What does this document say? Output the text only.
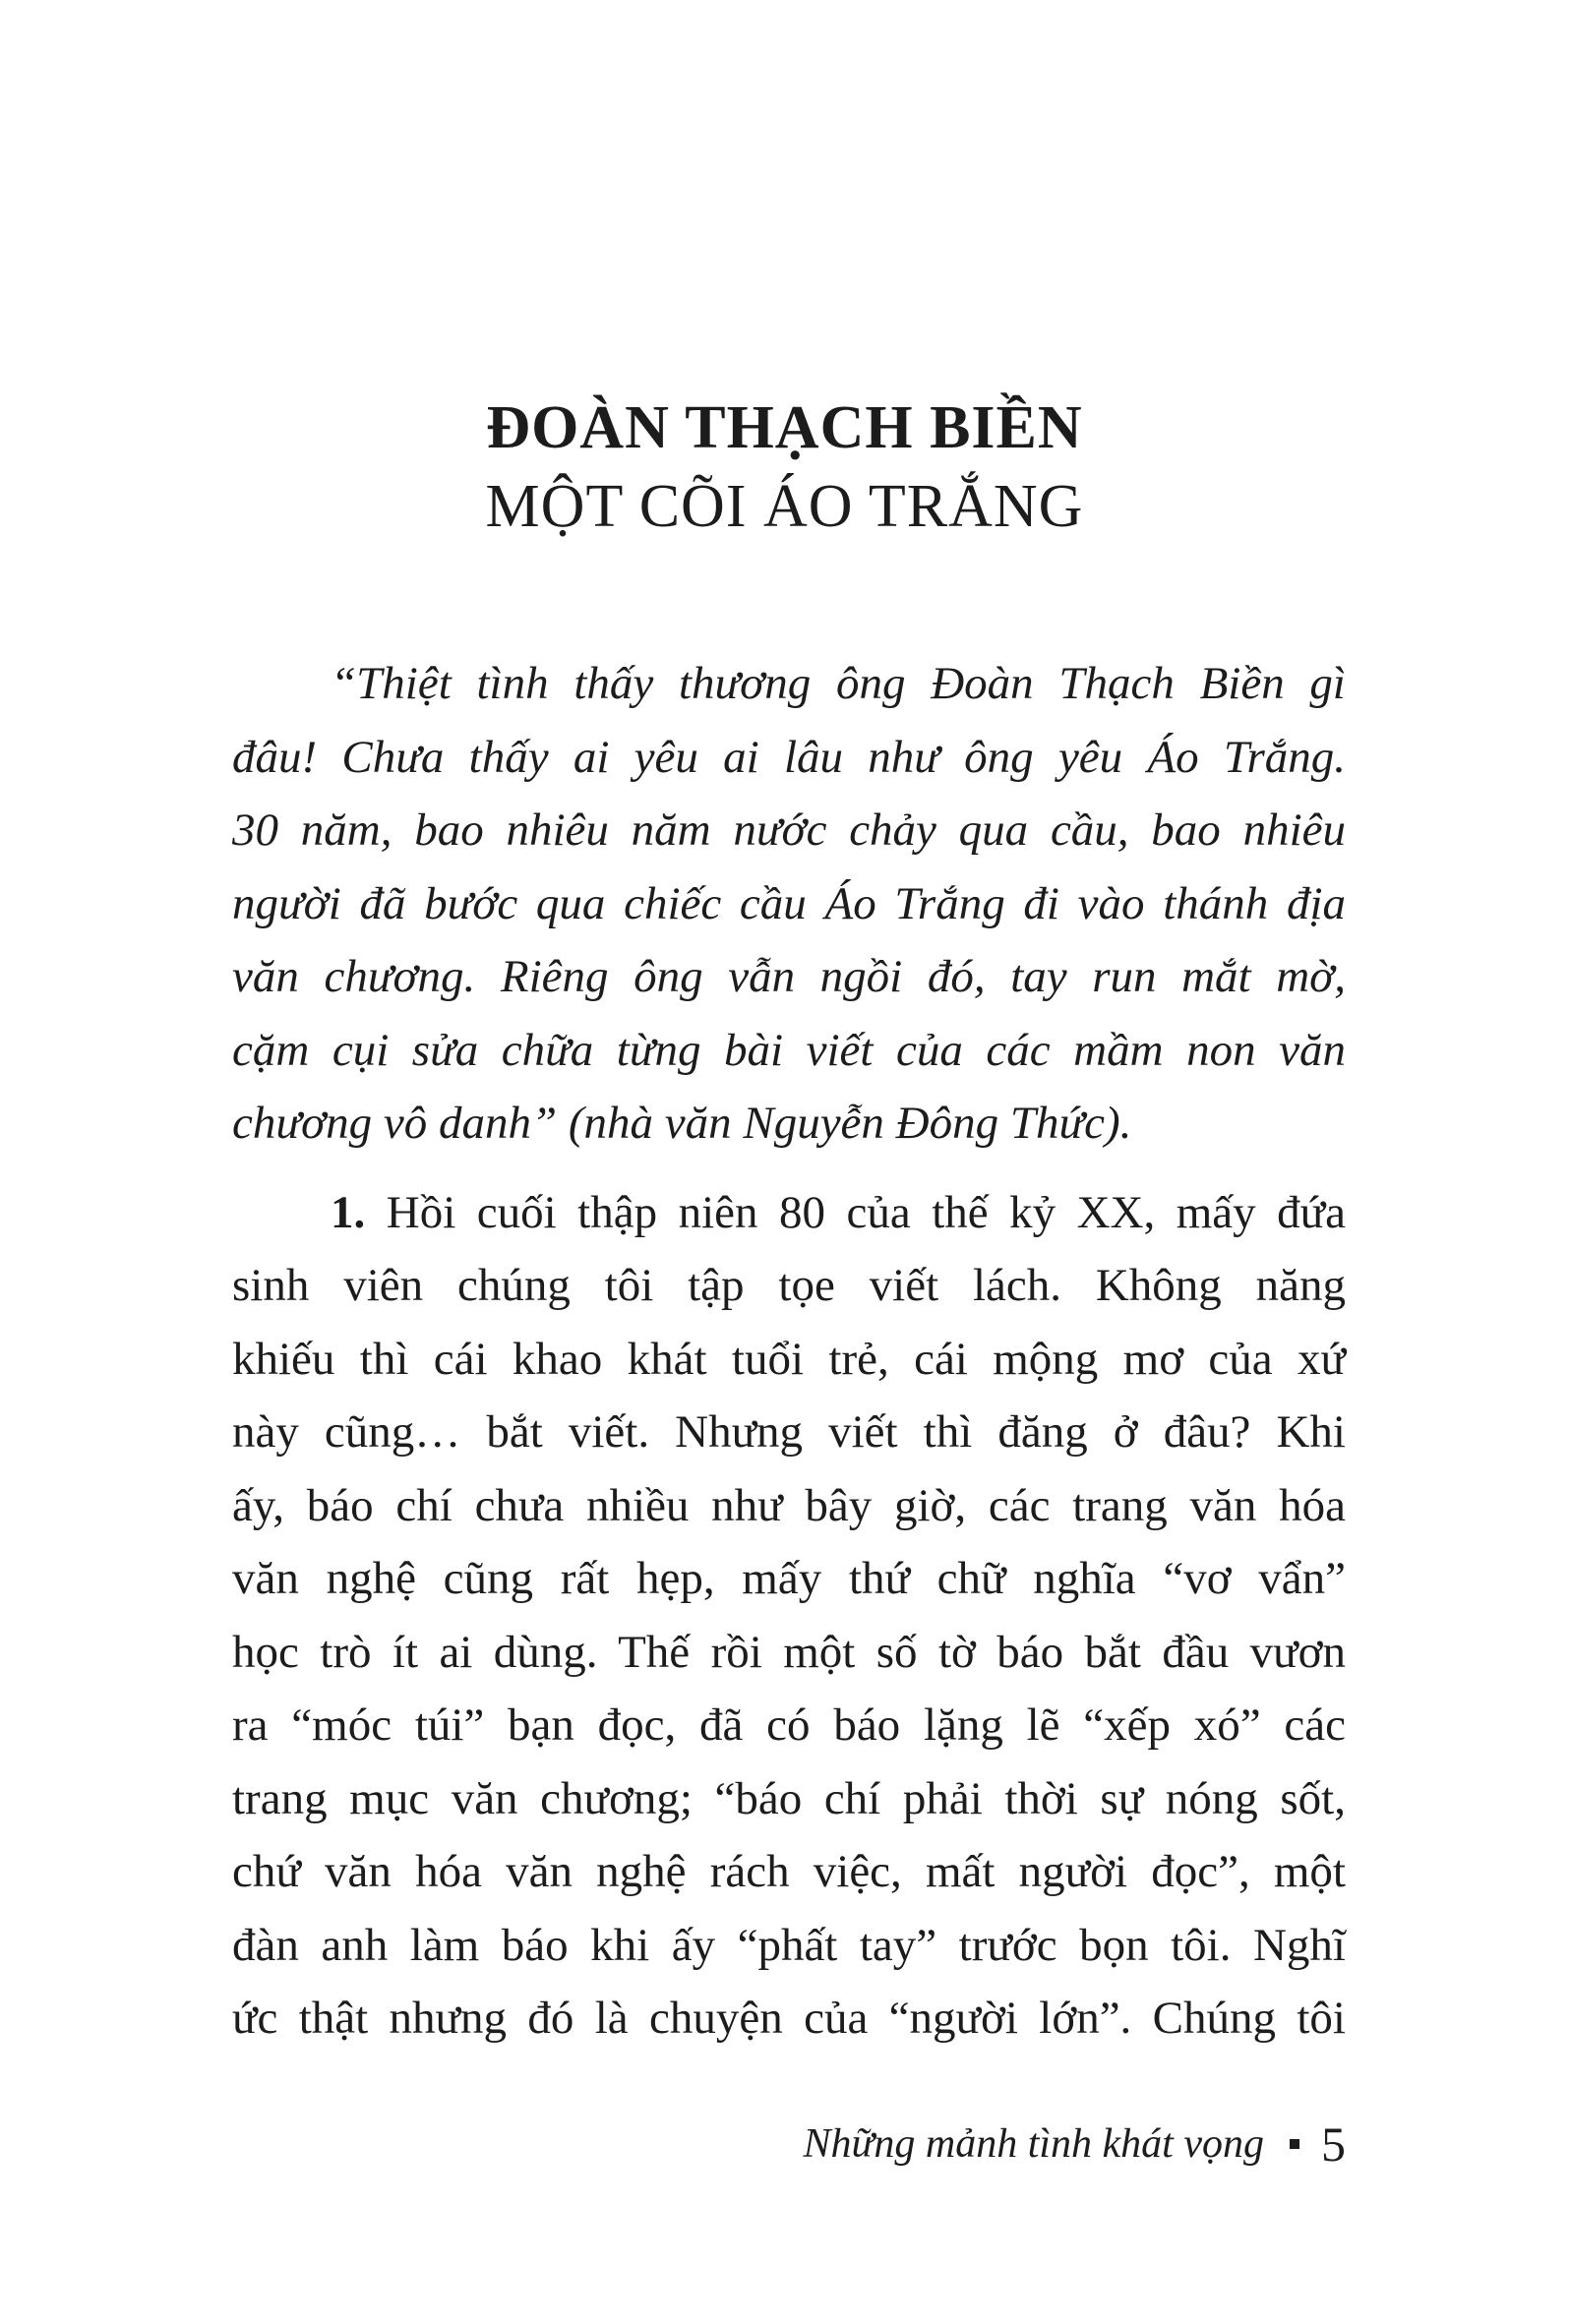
ĐOÀN THẠCH BIỀN
MỘT CÕI ÁO TRẮNG
“Thiệt tình thấy thương ông Đoàn Thạch Biền gì
đâu! Chưa thấy ai yêu ai lâu như ông yêu Áo Trắng.
30 năm, bao nhiêu năm nước chảy qua cầu, bao nhiêu
người đã bước qua chiếc cầu Áo Trắng đi vào thánh địa
văn chương. Riêng ông vẫn ngồi đó, tay run mắt mờ,
cặm cụi sửa chữa từng bài viết của các mầm non văn
chương vô danh” (nhà văn Nguyễn Đông Thức).
1. Hồi cuối thập niên 80 của thế kỷ XX, mấy đứa
sinh viên chúng tôi tập tọe viết lách. Không năng
khiếu thì cái khao khát tuổi trẻ, cái mộng mơ của xứ
này cũng… bắt viết. Nhưng viết thì đăng ở đâu? Khi
ấy, báo chí chưa nhiều như bây giờ, các trang văn hóa
văn nghệ cũng rất hẹp, mấy thứ chữ nghĩa “vơ vẩn”
học trò ít ai dùng. Thế rồi một số tờ báo bắt đầu vươn
ra “móc túi” bạn đọc, đã có báo lặng lẽ “xếp xó” các
trang mục văn chương; “báo chí phải thời sự nóng sốt,
chứ văn hóa văn nghệ rách việc, mất người đọc”, một
đàn anh làm báo khi ấy “phất tay” trước bọn tôi. Nghĩ
ức thật nhưng đó là chuyện của “người lớn”. Chúng tôi
Những mảnh tình khát vọng 5
